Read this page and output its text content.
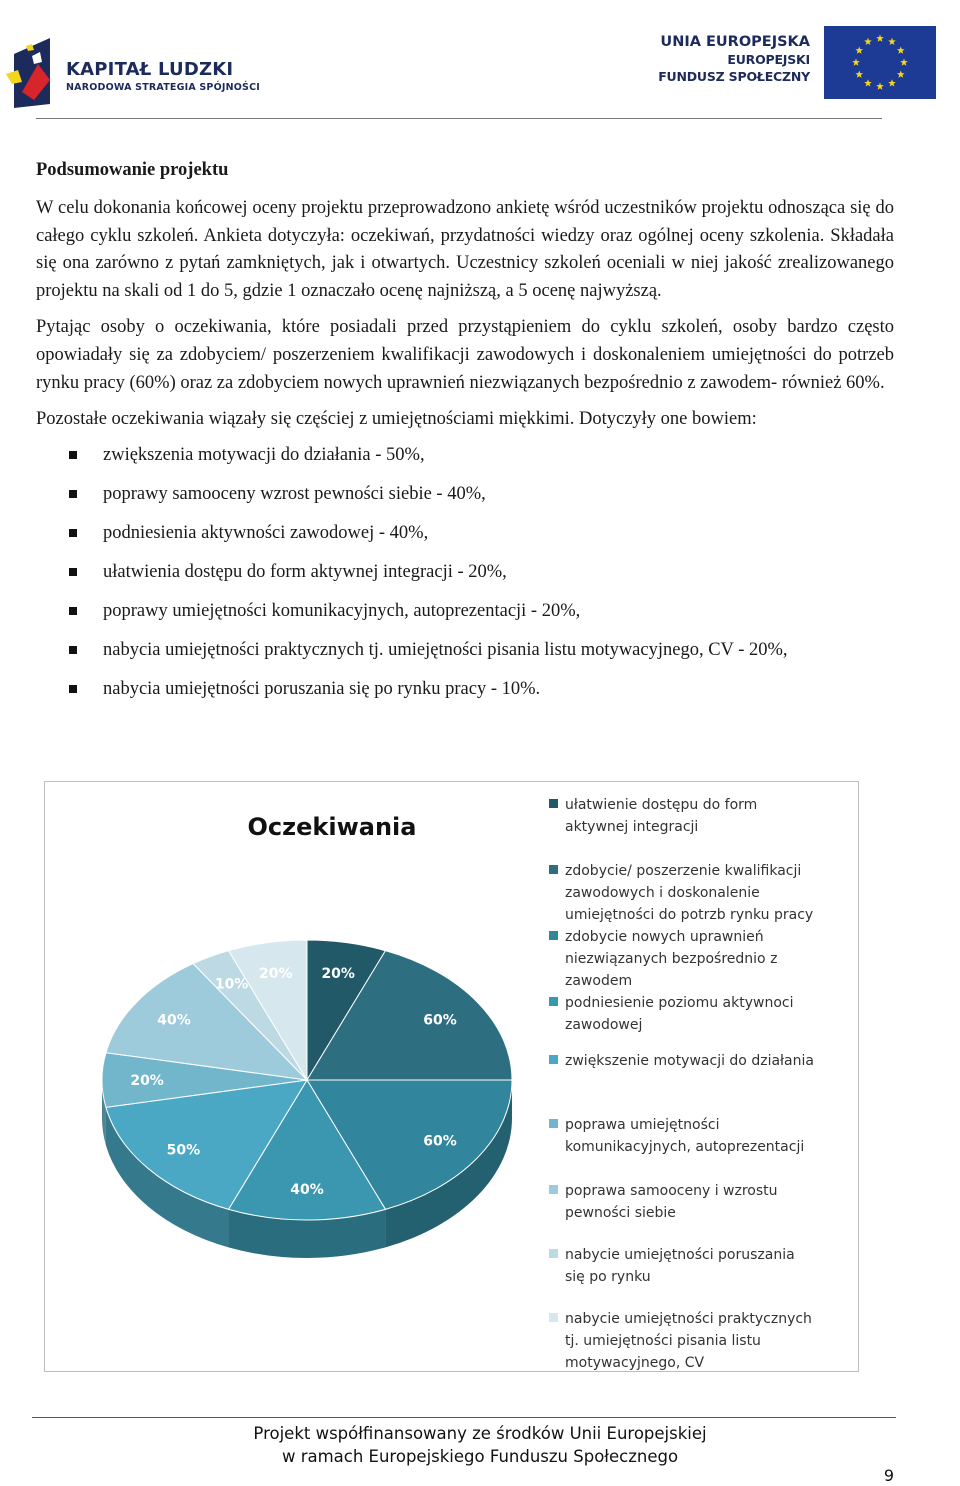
KAPITAŁ LUDZKI
NARODOWA STRATEGIA SPÓJNOŚCI
UNIA EUROPEJSKA
EUROPEJSKI
FUNDUSZ SPOŁECZNY
Podsumowanie projektu

W celu dokonania końcowej oceny projektu przeprowadzono ankietę wśród uczestników projektu odnosząca się do całego cyklu szkoleń. Ankieta dotyczyła: oczekiwań, przydatności wiedzy oraz ogólnej oceny szkolenia. Składała się ona zarówno z pytań zamkniętych, jak i otwartych. Uczestnicy szkoleń oceniali w niej jakość zrealizowanego projektu na skali od 1 do 5, gdzie 1 oznaczało ocenę najniższą, a 5 ocenę najwyższą.

Pytając osoby o oczekiwania, które posiadali przed przystąpieniem do cyklu szkoleń, osoby bardzo często opowiadały się za zdobyciem/ poszerzeniem kwalifikacji zawodowych i doskonaleniem umiejętności do potrzeb rynku pracy (60%) oraz za zdobyciem nowych uprawnień niezwiązanych bezpośrednio z zawodem- również 60%.

Pozostałe oczekiwania wiązały się częściej z umiejętnościami miękkimi. Dotyczyły one bowiem:

zwiększenia motywacji do działania - 50%,
poprawy samooceny wzrost pewności siebie - 40%,
podniesienia aktywności zawodowej - 40%,
ułatwienia dostępu do form aktywnej integracji - 20%,
poprawy umiejętności komunikacyjnych, autoprezentacji - 20%,
nabycia umiejętności praktycznych tj. umiejętności pisania listu motywacyjnego, CV - 20%,
nabycia umiejętności poruszania się po rynku pracy - 10%.
Oczekiwania
20%
60%
60%
40%
50%
20%
40%
10%
20%
ułatwienie dostępu do form
aktywnej integracji
zdobycie/ poszerzenie kwalifikacji
zawodowych i doskonalenie
umiejętności do potrzb rynku pracy
zdobycie nowych uprawnień
niezwiązanych bezpośrednio z
zawodem
podniesienie poziomu aktywnoci
zawodowej
zwiększenie motywacji do działania
poprawa umiejętności
komunikacyjnych, autoprezentacji
poprawa samooceny i wzrostu
pewności siebie
nabycie umiejętności poruszania
się po rynku
nabycie umiejętności praktycznych
tj. umiejętności pisania listu
motywacyjnego, CV
Projekt współfinansowany ze środków Unii Europejskiej
w ramach Europejskiego Funduszu Społecznego
9
